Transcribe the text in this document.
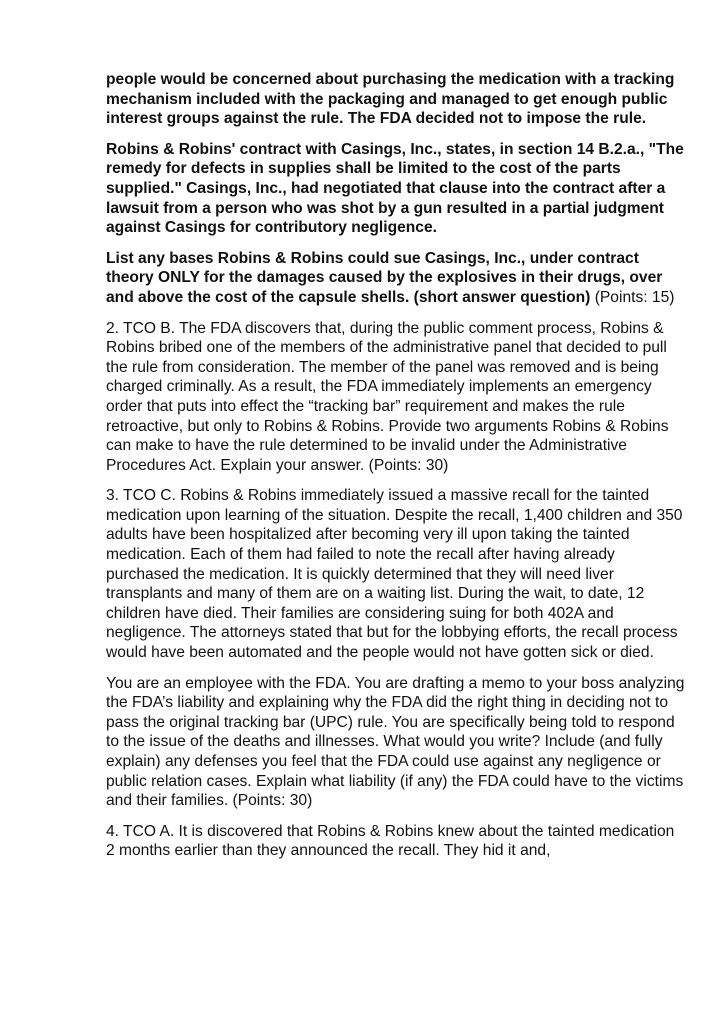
people would be concerned about purchasing the medication with a tracking mechanism included with the packaging and managed to get enough public interest groups against the rule. The FDA decided not to impose the rule.

Robins & Robins' contract with Casings, Inc., states, in section 14 B.2.a., "The remedy for defects in supplies shall be limited to the cost of the parts supplied." Casings, Inc., had negotiated that clause into the contract after a lawsuit from a person who was shot by a gun resulted in a partial judgment against Casings for contributory negligence.

List any bases Robins & Robins could sue Casings, Inc., under contract theory ONLY for the damages caused by the explosives in their drugs, over and above the cost of the capsule shells. (short answer question) (Points: 15)

2. TCO B. The FDA discovers that, during the public comment process, Robins & Robins bribed one of the members of the administrative panel that decided to pull the rule from consideration. The member of the panel was removed and is being charged criminally. As a result, the FDA immediately implements an emergency order that puts into effect the “tracking bar” requirement and makes the rule retroactive, but only to Robins & Robins. Provide two arguments Robins & Robins can make to have the rule determined to be invalid under the Administrative Procedures Act. Explain your answer. (Points: 30)

3. TCO C. Robins & Robins immediately issued a massive recall for the tainted medication upon learning of the situation. Despite the recall, 1,400 children and 350 adults have been hospitalized after becoming very ill upon taking the tainted medication. Each of them had failed to note the recall after having already purchased the medication. It is quickly determined that they will need liver transplants and many of them are on a waiting list. During the wait, to date, 12 children have died. Their families are considering suing for both 402A and negligence. The attorneys stated that but for the lobbying efforts, the recall process would have been automated and the people would not have gotten sick or died.

You are an employee with the FDA. You are drafting a memo to your boss analyzing the FDA’s liability and explaining why the FDA did the right thing in deciding not to pass the original tracking bar (UPC) rule. You are specifically being told to respond to the issue of the deaths and illnesses. What would you write? Include (and fully explain) any defenses you feel that the FDA could use against any negligence or public relation cases. Explain what liability (if any) the FDA could have to the victims and their families. (Points: 30)

4. TCO A. It is discovered that Robins & Robins knew about the tainted medication 2 months earlier than they announced the recall. They hid it and,
